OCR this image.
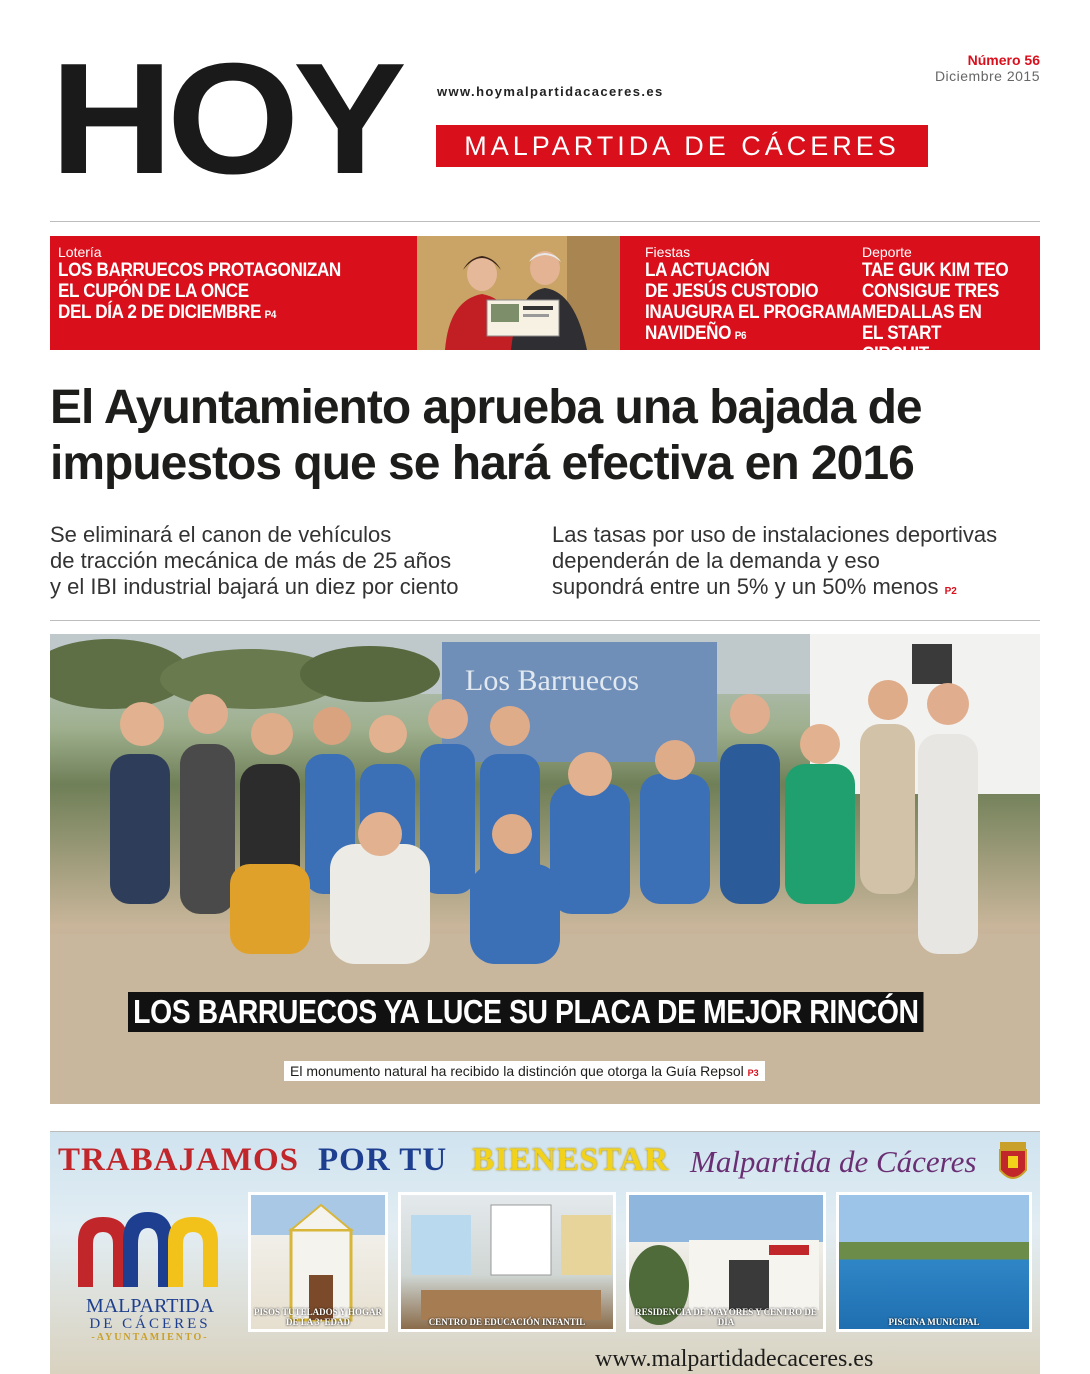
HOY	www.hoymalpartidacaceres.es
MALPARTIDA DE CÁCERES
Número 56
Diciembre 2015
Lotería
LOS BARRUECOS PROTAGONIZAN
EL CUPÓN DE LA ONCE
DEL DÍA 2 DE DICIEMBRE P4
Fiestas
LA ACTUACIÓN
DE JESÚS CUSTODIO
INAUGURA EL PROGRAMA
NAVIDEÑO P6
Deporte
TAE GUK KIM TEO
CONSIGUE TRES
MEDALLAS EN
EL START CIRCUIT P15
El Ayuntamiento aprueba una bajada de
impuestos que se hará efectiva en 2016
Se eliminará el canon de vehículos
de tracción mecánica de más de 25 años
y el IBI industrial bajará un diez por ciento
Las tasas por uso de instalaciones deportivas
dependerán de la demanda y eso
supondrá entre un 5% y un 50% menos P2
Los Barruecos
LOS BARRUECOS YA LUCE SU PLACA DE MEJOR RINCÓN
El monumento natural ha recibido la distinción que otorga la Guía Repsol P3
TRABAJAMOS POR TU BIENESTAR Malpartida de Cáceres
MALPARTIDA
DE CÁCERES
-AYUNTAMIENTO-
PISOS TUTELADOS Y HOGAR DE LA 3ª EDAD	CENTRO DE EDUCACIÓN INFANTIL
RESIDENCIA DE MAYORES Y CENTRO DE DÍA	PISCINA MUNICIPAL
www.malpartidadecaceres.es
